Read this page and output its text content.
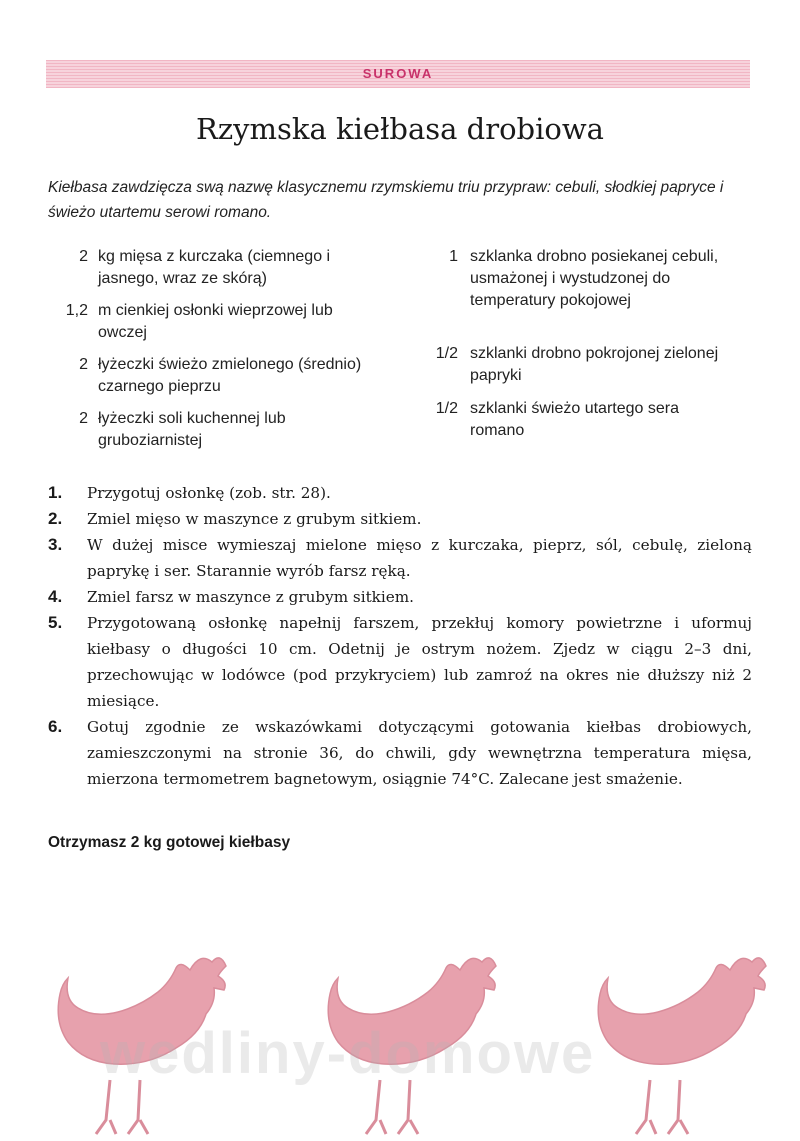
SUROWA
Rzymska kiełbasa drobiowa
Kiełbasa zawdzięcza swą nazwę klasycznemu rzymskiemu triu przypraw: cebuli, słodkiej papryce i świeżo utartemu serowi romano.
2 kg mięsa z kurczaka (ciemnego i jasnego, wraz ze skórą)
1,2 m cienkiej osłonki wieprzowej lub owczej
2 łyżeczki świeżo zmielonego (średnio) czarnego pieprzu
2 łyżeczki soli kuchennej lub gruboziarnistej
1 szklanka drobno posiekanej cebuli, usmażonej i wystudzonej do temperatury pokojowej
1/2 szklanki drobno pokrojonej zielonej papryki
1/2 szklanki świeżo utartego sera romano
1. Przygotuj osłonkę (zob. str. 28).
2. Zmiel mięso w maszynce z grubym sitkiem.
3. W dużej misce wymieszaj mielone mięso z kurczaka, pieprz, sól, cebulę, zieloną paprykę i ser. Starannie wyrób farsz ręką.
4. Zmiel farsz w maszynce z grubym sitkiem.
5. Przygotowaną osłonkę napełnij farszem, przekłuj komory powietrzne i uformuj kiełbasy o długości 10 cm. Odetnij je ostrym nożem. Zjedz w ciągu 2–3 dni, przechowując w lodówce (pod przykryciem) lub zamroź na okres nie dłuższy niż 2 miesiące.
6. Gotuj zgodnie ze wskazówkami dotyczącymi gotowania kiełbas drobiowych, zamieszczonymi na stronie 36, do chwili, gdy wewnętrzna temperatura mięsa, mierzona termometrem bagnetowym, osiągnie 74°C. Zalecane jest smażenie.
Otrzymasz 2 kg gotowej kiełbasy
wedliny-domowe
